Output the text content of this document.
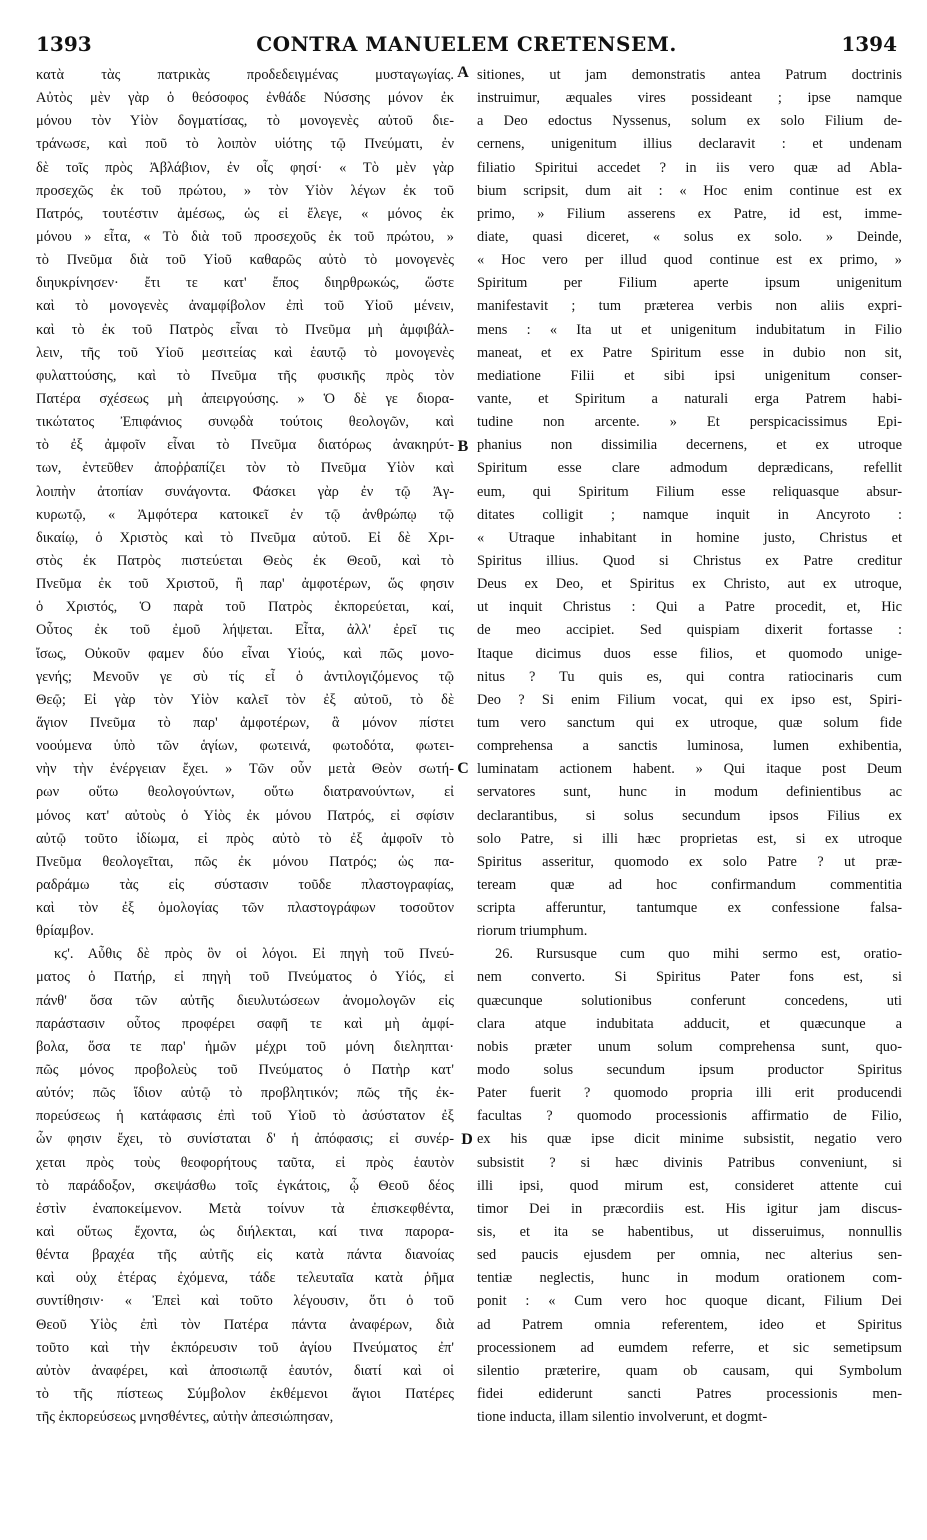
1393	CONTRA MANUELEM CRETENSEM.	1394
κατὰ τὰς πατρικὰς προδεδειγμένας μυσταγωγίας.
Αὐτὸς μὲν γὰρ ὁ θεόσοφος ἐνθάδε Νύσσης μόνον ἐκ
μόνου τὸν Υἱὸν δογματίσας, τὸ μονογενὲς αὐτοῦ διε-
τράνωσε, καὶ ποῦ τὸ λοιπὸν υἱότης τῷ Πνεύματι, ἐν
δὲ τοῖς πρὸς Ἀβλάβιον, ἐν οἷς φησί· « Τὸ μὲν γὰρ
προσεχῶς ἐκ τοῦ πρώτου, » τὸν Υἱὸν λέγων ἐκ τοῦ
Πατρός, τουτέστιν ἀμέσως, ὡς εἰ ἔλεγε, « μόνος ἐκ
μόνου » εἶτα, « Τὸ διὰ τοῦ προσεχοῦς ἐκ τοῦ πρώτου, »
τὸ Πνεῦμα διὰ τοῦ Υἱοῦ καθαρῶς αὐτὸ τὸ μονογενὲς
διηυκρίνησεν· ἔτι τε κατ' ἔπος διηρθρωκώς, ὥστε
καὶ τὸ μονογενὲς ἀναμφίβολον ἐπὶ τοῦ Υἱοῦ μένειν,
καὶ τὸ ἐκ τοῦ Πατρὸς εἶναι τὸ Πνεῦμα μὴ ἀμφιβάλ-
λειν, τῆς τοῦ Υἱοῦ μεσιτείας καὶ ἑαυτῷ τὸ μονογενὲς
φυλαττούσης, καὶ τὸ Πνεῦμα τῆς φυσικῆς πρὸς τὸν
Πατέρα σχέσεως μὴ ἀπειργούσης. » Ὁ δὲ γε διορα-
τικώτατος Ἐπιφάνιος συνῳδὰ τούτοις θεολογῶν, καὶ
τὸ ἐξ ἀμφοῖν εἶναι τὸ Πνεῦμα διατόρως ἀνακηρύτ-
των, ἐντεῦθεν ἀποῤῥαπίζει τὸν τὸ Πνεῦμα Υἱὸν καὶ
λοιπὴν ἀτοπίαν συνάγοντα. Φάσκει γὰρ ἐν τῷ Ἀγ-
κυρωτῷ, « Ἀμφότερα κατοικεῖ ἐν τῷ ἀνθρώπῳ τῷ
δικαίῳ, ὁ Χριστὸς καὶ τὸ Πνεῦμα αὐτοῦ. Εἰ δὲ Χρι-
στὸς ἐκ Πατρὸς πιστεύεται Θεὸς ἐκ Θεοῦ, καὶ τὸ
Πνεῦμα ἐκ τοῦ Χριστοῦ, ἢ παρ' ἀμφοτέρων, ὥς φησιν
ὁ Χριστός, Ὁ παρὰ τοῦ Πατρὸς ἐκπορεύεται, καί,
Οὗτος ἐκ τοῦ ἐμοῦ λήψεται. Εἶτα, ἀλλ' ἐρεῖ τις
ἴσως, Οὐκοῦν φαμεν δύο εἶναι Υἱούς, καὶ πῶς μονο-
γενής; Μενοῦν γε σὺ τίς εἶ ὁ ἀντιλογιζόμενος τῷ
Θεῷ; Εἰ γὰρ τὸν Υἱὸν καλεῖ τὸν ἐξ αὐτοῦ, τὸ δὲ
ἅγιον Πνεῦμα τὸ παρ' ἀμφοτέρων, ἃ μόνον πίστει
νοούμενα ὑπὸ τῶν ἁγίων, φωτεινά, φωτοδότα, φωτει-
νὴν τὴν ἐνέργειαν ἔχει. » Τῶν οὖν μετὰ Θεὸν σωτή-
ρων οὕτω θεολογούντων, οὕτω διατρανούντων, εἰ
μόνος κατ' αὐτοὺς ὁ Υἱὸς ἐκ μόνου Πατρός, εἰ σφίσιν
αὐτῷ τοῦτο ἰδίωμα, εἰ πρὸς αὐτὸ τὸ ἐξ ἀμφοῖν τὸ
Πνεῦμα θεολογεῖται, πῶς ἐκ μόνου Πατρός; ὡς πα-
ραδράμω τὰς εἰς σύστασιν τοῦδε πλαστογραφίας,
καὶ τὸν ἐξ ὁμολογίας τῶν πλαστογράφων τοσοῦτον
θρίαμβον.
κϛ'. Αὖθις δὲ πρὸς ὃν οἱ λόγοι. Εἰ πηγὴ τοῦ Πνεύ-
ματος ὁ Πατήρ, εἰ πηγὴ τοῦ Πνεύματος ὁ Υἱός, εἰ
πάνθ' ὅσα τῶν αὐτῆς διευλυτώσεων ἀνομολογῶν εἰς
παράστασιν οὗτος προφέρει σαφῆ τε καὶ μὴ ἀμφί-
βολα, ὅσα τε παρ' ἡμῶν μέχρι τοῦ μόνη διεληπται·
πῶς μόνος προβολεὺς τοῦ Πνεύματος ὁ Πατὴρ κατ'
αὐτόν; πῶς ἴδιον αὐτῷ τὸ προβλητικόν; πῶς τῆς ἐκ-
πορεύσεως ἡ κατάφασις ἐπὶ τοῦ Υἱοῦ τὸ ἀσύστατον ἐξ
ὧν φησιν ἔχει, τὸ συνίσταται δ' ἡ ἀπόφασις; εἰ συνέρ-
χεται πρὸς τοὺς θεοφορήτους ταῦτα, εἰ πρὸς ἑαυτὸν
τὸ παράδοξον, σκεψάσθω τοῖς ἐγκάτοις, ᾧ Θεοῦ δέος
ἐστὶν ἐναποκείμενον. Μετὰ τοίνυν τὰ ἐπισκεφθέντα,
καὶ οὕτως ἔχοντα, ὡς διήλεκται, καί τινα παρορα-
θέντα βραχέα τῆς αὐτῆς εἰς κατὰ πάντα διανοίας
καὶ οὐχ ἑτέρας ἐχόμενα, τάδε τελευταῖα κατὰ ῥῆμα
συντίθησιν· « Ἐπεὶ καὶ τοῦτο λέγουσιν, ὅτι ὁ τοῦ
Θεοῦ Υἱὸς ἐπὶ τὸν Πατέρα πάντα ἀναφέρων, διὰ
τοῦτο καὶ τὴν ἐκπόρευσιν τοῦ ἁγίου Πνεύματος ἐπ'
αὐτὸν ἀναφέρει, καὶ ἀποσιωπᾷ ἑαυτόν, διατί καὶ οἱ
τὸ τῆς πίστεως Σύμβολον ἐκθέμενοι ἅγιοι Πατέρες
τῆς ἐκπορεύσεως μνησθέντες, αὐτὴν ἀπεσιώπησαν,
sitiones, ut jam demonstratis antea Patrum doctrinis
instruimur, æquales vires possideant ; ipse namque
a Deo edoctus Nyssenus, solum ex solo Filium de-
cernens, unigenitum illius declaravit : et undenam
filiatio Spiritui accedet ? in iis vero quæ ad Abla-
bium scripsit, dum ait : « Hoc enim continue est ex
primo, » Filium asserens ex Patre, id est, imme-
diate, quasi diceret, « solus ex solo. » Deinde,
« Hoc vero per illud quod continue est ex primo, »
Spiritum per Filium aperte ipsum unigenitum
manifestavit ; tum præterea verbis non aliis expri-
mens : « Ita ut et unigenitum indubitatum in Filio
maneat, et ex Patre Spiritum esse in dubio non sit,
mediatione Filii et sibi ipsi unigenitum conser-
vante, et Spiritum a naturali erga Patrem habi-
tudine non arcente. » Et perspicacissimus Epi-
phanius non dissimilia decernens, et ex utroque
Spiritum esse clare admodum deprædicans, refellit
eum, qui Spiritum Filium esse reliquasque absur-
ditates colligit ; namque inquit in Ancyroto :
« Utraque inhabitant in homine justo, Christus et
Spiritus illius. Quod si Christus ex Patre creditur
Deus ex Deo, et Spiritus ex Christo, aut ex utroque,
ut inquit Christus : Qui a Patre procedit, et, Hic
de meo accipiet. Sed quispiam dixerit fortasse :
Itaque dicimus duos esse filios, et quomodo unige-
nitus ? Tu quis es, qui contra ratiocinaris cum
Deo ? Si enim Filium vocat, qui ex ipso est, Spiri-
tum vero sanctum qui ex utroque, quæ solum fide
comprehensa a sanctis luminosa, lumen exhibentia,
luminatam actionem habent. » Qui itaque post Deum
servatores sunt, hunc in modum definientibus ac
declarantibus, si solus secundum ipsos Filius ex
solo Patre, si illi hæc proprietas est, si ex utroque
Spiritus asseritur, quomodo ex solo Patre ? ut præ-
teream quæ ad hoc confirmandum commentitia
scripta afferuntur, tantumque ex confessione falsa-
riorum triumphum.
26. Rursusque cum quo mihi sermo est, oratio-
nem converto. Si Spiritus Pater fons est, si
quæcunque solutionibus conferunt concedens, uti
clara atque indubitata adducit, et quæcunque a
nobis præter unum solum comprehensa sunt, quo-
modo solus secundum ipsum productor Spiritus
Pater fuerit ? quomodo propria illi erit producendi
facultas ? quomodo processionis affirmatio de Filio,
ex his quæ ipse dicit minime subsistit, negatio vero
subsistit ? si hæc divinis Patribus conveniunt, si
illi ipsi, quod mirum est, consideret attente cui
timor Dei in præcordiis est. His igitur jam discus-
sis, et ita se habentibus, ut disseruimus, nonnullis
sed paucis ejusdem per omnia, nec alterius sen-
tentiæ neglectis, hunc in modum orationem com-
ponit : « Cum vero hoc quoque dicant, Filium Dei
ad Patrem omnia referentem, ideo et Spiritus
processionem ad eumdem referre, et sic semetipsum
silentio præterire, quam ob causam, qui Symbolum
fidei ediderunt sancti Patres processionis men-
tione inducta, illam silentio involverunt, et dogmt-
A
B
C
D
